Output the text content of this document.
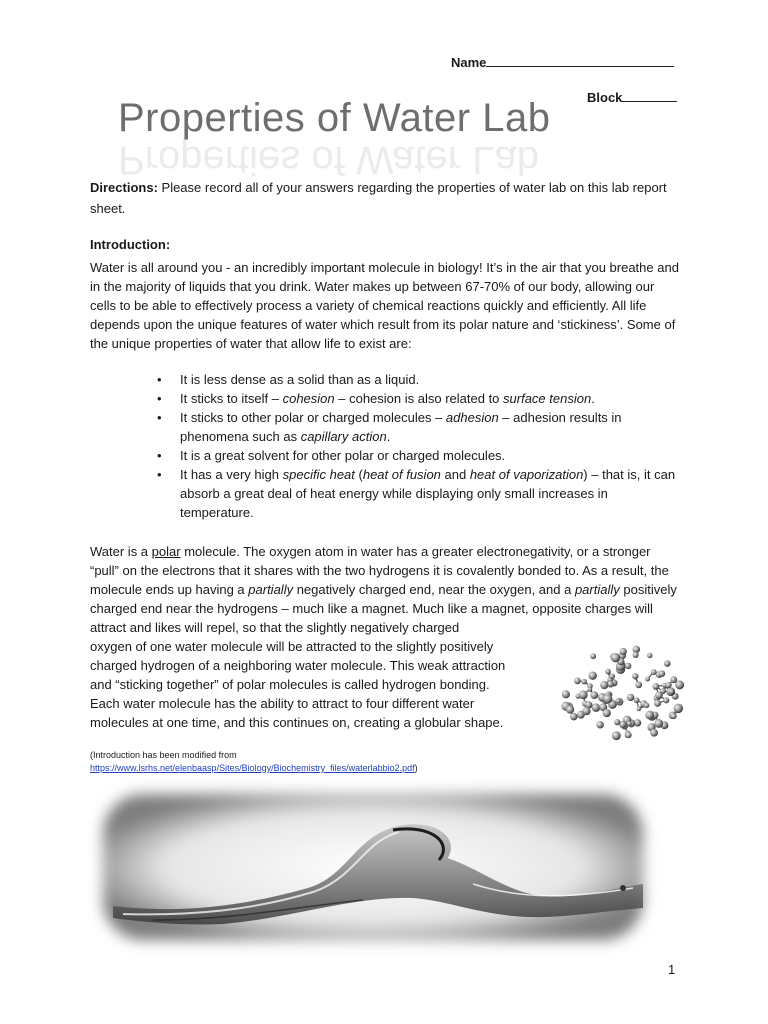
Name
Block
Properties of Water Lab
Properties of Water Lab
Directions: Please record all of your answers regarding the properties of water lab on this lab report sheet.
Introduction:
Water is all around you - an incredibly important molecule in biology! It’s in the air that you breathe and in the majority of liquids that you drink. Water makes up between 67-70% of our body, allowing our cells to be able to effectively process a variety of chemical reactions quickly and efficiently. All life depends upon the unique features of water which result from its polar nature and ‘stickiness’. Some of the unique properties of water that allow life to exist are:
• It is less dense as a solid than as a liquid.
• It sticks to itself – cohesion – cohesion is also related to surface tension.
• It sticks to other polar or charged molecules – adhesion – adhesion results in phenomena such as capillary action.
• It is a great solvent for other polar or charged molecules.
• It has a very high specific heat (heat of fusion and heat of vaporization) – that is, it can absorb a great deal of heat energy while displaying only small increases in temperature.
Water is a polar molecule. The oxygen atom in water has a greater electronegativity, or a stronger “pull” on the electrons that it shares with the two hydrogens it is covalently bonded to. As a result, the molecule ends up having a partially negatively charged end, near the oxygen, and a partially positively charged end near the hydrogens – much like a magnet. Much like a magnet, opposite charges will attract and likes will repel, so that the slightly negatively charged
oxygen of one water molecule will be attracted to the slightly positively
charged hydrogen of a neighboring water molecule. This weak attraction
and “sticking together” of polar molecules is called hydrogen bonding.
Each water molecule has the ability to attract to four different water
molecules at one time, and this continues on, creating a globular shape.
(Introduction has been modified from
https://www.lsrhs.net/elenbaasp/Sites/Biology/Biochemistry_files/waterlabbio2.pdf)
1
